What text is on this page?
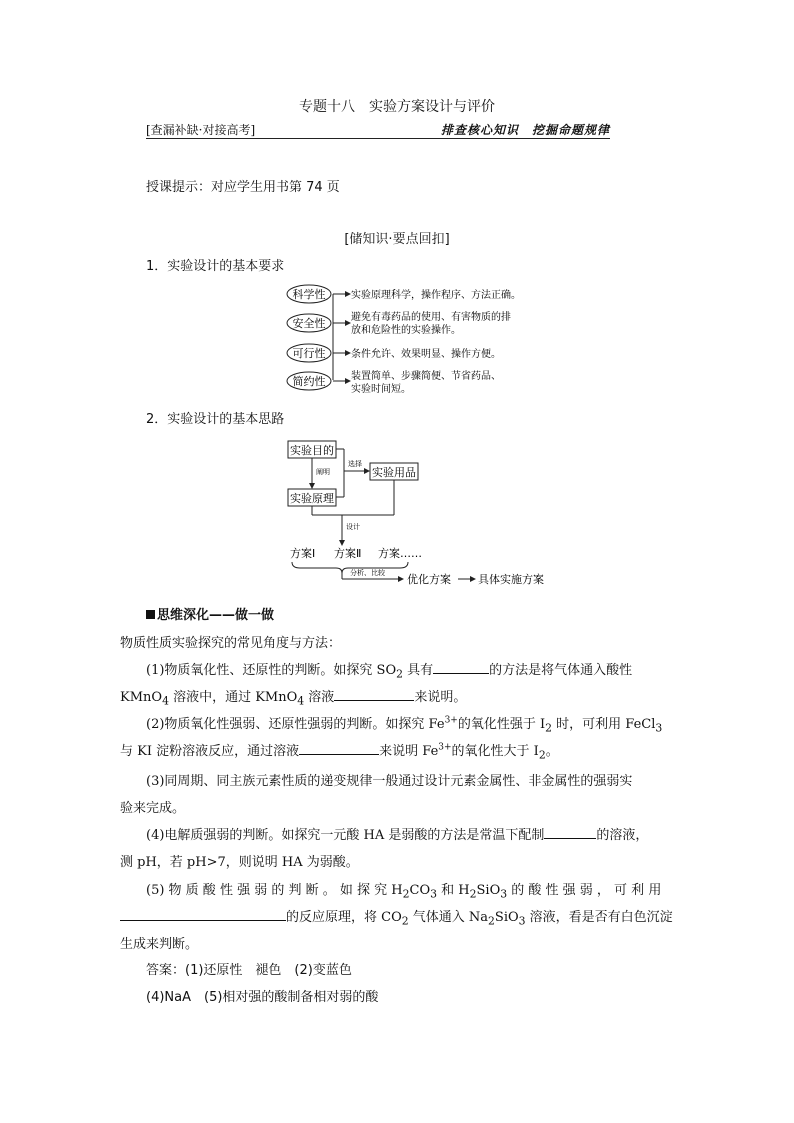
专题十八　实验方案设计与评价
[查漏补缺·对接高考]	排查核心知识　挖掘命题规律
授课提示：对应学生用书第 74 页
[储知识·要点回扣]
1．实验设计的基本要求
科学性	实验原理科学，操作程序、方法正确。
安全性	避免有毒药品的使用、有害物质的排
放和危险性的实验操作。
可行性	条件允许、效果明显、操作方便。
简约性	装置简单、步骤简便、节省药品、
实验时间短。
2．实验设计的基本思路
实验目的
阐明
实验原理
选择
实验用品
设计
方案Ⅰ 方案Ⅱ 方案……
分析、比较 优化方案 具体实施方案
思维深化——做一做
物质性质实验探究的常见角度与方法：
(1)物质氧化性、还原性的判断。如探究 $SO_2$ 具有	的方法是将气体通入酸性
KMnO$_4$ 溶液中，通过 KMnO$_4$ 溶液	来说明。
(2)物质氧化性强弱、还原性强弱的判断。如探究 $Fe^{3+}$的氧化性强于 $I_2$ 时，可利用 FeCl$_3$
与 KI 淀粉溶液反应，通过溶液	来说明 $Fe^{3+}$的氧化性大于 $I_2$。
(3)同周期、同主族元素性质的递变规律一般通过设计元素金属性、非金属性的强弱实
验来完成。
(4)电解质强弱的判断。如探究一元酸 HA 是弱酸的方法是常温下配制	的溶液，
测 pH，若 pH>7，则说明 HA 为弱酸。
(5) 物 质 酸 性 强 弱 的 判 断 。 如 探 究 $H_2CO_3$ 和 $H_2SiO_3$ 的 酸 性 强 弱 ， 可 利 用
的反应原理，将 $CO_2$ 气体通入 $Na_2SiO_3$ 溶液，看是否有白色沉淀
生成来判断。
答案：(1)还原性　褪色　(2)变蓝色
(4)NaA　(5)相对强的酸制备相对弱的酸
